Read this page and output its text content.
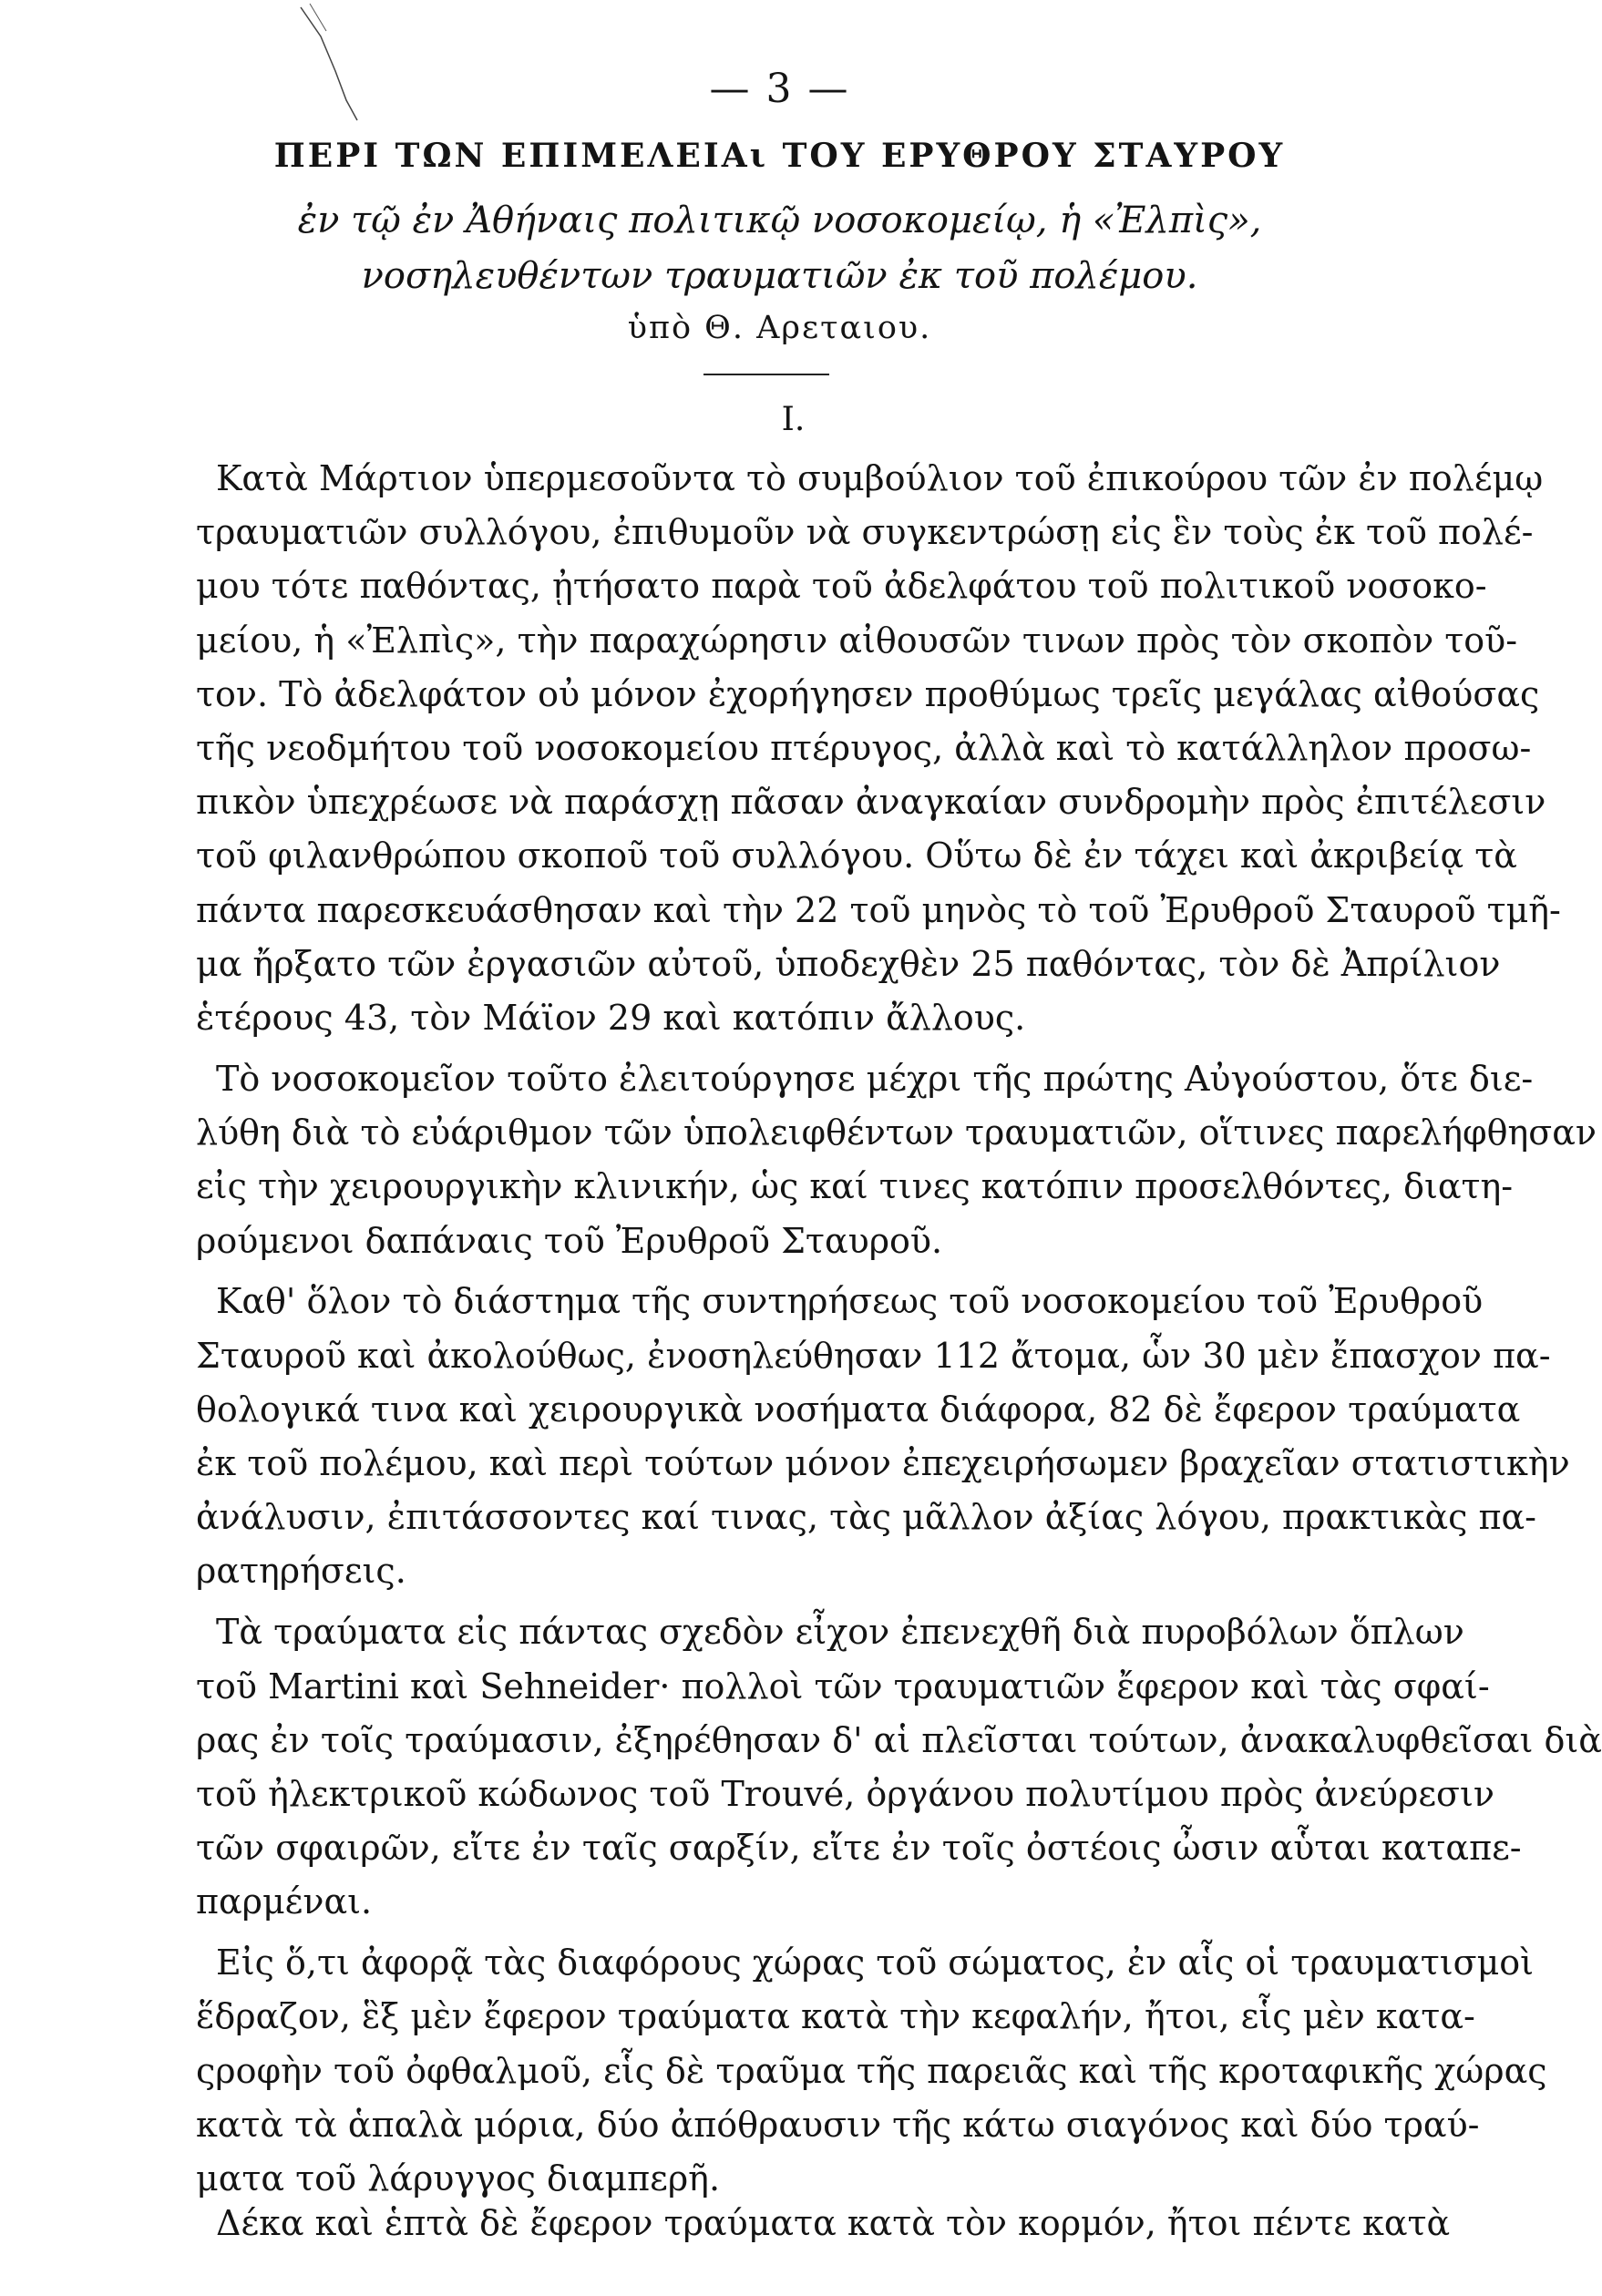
— 3 —
ΠΕΡΙ ΤΩΝ ΕΠΙΜΕΛΕΙΑι ΤΟΥ ΕΡΥΘΡΟΥ ΣΤΑΥΡΟΥ
ἐν τῷ ἐν Ἀθήναις πολιτικῷ νοσοκομείῳ, ἡ «Ἐλπὶς», νοσηλευθέντων τραυματιῶν ἐκ τοῦ πολέμου.
ὑπὸ Θ. Αρεταιου.
I.
Κατὰ Μάρτιον ὑπερμεσοῦντα τὸ συμβούλιον τοῦ ἐπικούρου τῶν ἐν πολέμῳ
τραυματιῶν συλλόγου, ἐπιθυμοῦν νὰ συγκεντρώσῃ εἰς ἓν τοὺς ἐκ τοῦ πολέ-
μου τότε παθόντας, ᾐτήσατο παρὰ τοῦ ἀδελφάτου τοῦ πολιτικοῦ νοσοκο-
μείου, ἡ «Ἐλπὶς», τὴν παραχώρησιν αἰθουσῶν τινων πρὸς τὸν σκοπὸν τοῦ-
τον. Τὸ ἀδελφάτον οὐ μόνον ἐχορήγησεν προθύμως τρεῖς μεγάλας αἰθούσας
τῆς νεοδμήτου τοῦ νοσοκομείου πτέρυγος, ἀλλὰ καὶ τὸ κατάλληλον προσω-
πικὸν ὑπεχρέωσε νὰ παράσχῃ πᾶσαν ἀναγκαίαν συνδρομὴν πρὸς ἐπιτέλεσιν
τοῦ φιλανθρώπου σκοποῦ τοῦ συλλόγου. Οὕτω δὲ ἐν τάχει καὶ ἀκριβείᾳ τὰ
πάντα παρεσκευάσθησαν καὶ τὴν 22 τοῦ μηνὸς τὸ τοῦ Ἐρυθροῦ Σταυροῦ τμῆ-
μα ἤρξατο τῶν ἐργασιῶν αὐτοῦ, ὑποδεχθὲν 25 παθόντας, τὸν δὲ Ἀπρίλιον
ἑτέρους 43, τὸν Μάϊον 29 καὶ κατόπιν ἄλλους.
Τὸ νοσοκομεῖον τοῦτο ἐλειτούργησε μέχρι τῆς πρώτης Αὐγούστου, ὅτε διε-
λύθη διὰ τὸ εὐάριθμον τῶν ὑπολειφθέντων τραυματιῶν, οἵτινες παρελήφθησαν
εἰς τὴν χειρουργικὴν κλινικήν, ὡς καί τινες κατόπιν προσελθόντες, διατη-
ρούμενοι δαπάναις τοῦ Ἐρυθροῦ Σταυροῦ.
Καθ' ὅλον τὸ διάστημα τῆς συντηρήσεως τοῦ νοσοκομείου τοῦ Ἐρυθροῦ
Σταυροῦ καὶ ἀκολούθως, ἐνοσηλεύθησαν 112 ἄτομα, ὧν 30 μὲν ἔπασχον πα-
θολογικά τινα καὶ χειρουργικὰ νοσήματα διάφορα, 82 δὲ ἔφερον τραύματα
ἐκ τοῦ πολέμου, καὶ περὶ τούτων μόνον ἐπεχειρήσωμεν βραχεῖαν στατιστικὴν
ἀνάλυσιν, ἐπιτάσσοντες καί τινας, τὰς μᾶλλον ἀξίας λόγου, πρακτικὰς πα-
ρατηρήσεις.
Τὰ τραύματα εἰς πάντας σχεδὸν εἶχον ἐπενεχθῆ διὰ πυροβόλων ὅπλων
τοῦ Martini καὶ Sehneider· πολλοὶ τῶν τραυματιῶν ἔφερον καὶ τὰς σφαί-
ρας ἐν τοῖς τραύμασιν, ἐξηρέθησαν δ' αἱ πλεῖσται τούτων, ἀνακαλυφθεῖσαι διὰ
τοῦ ἠλεκτρικοῦ κώδωνος τοῦ Trouvé, ὀργάνου πολυτίμου πρὸς ἀνεύρεσιν
τῶν σφαιρῶν, εἴτε ἐν ταῖς σαρξίν, εἴτε ἐν τοῖς ὀστέοις ὦσιν αὗται καταπε-
παρμέναι.
Εἰς ὅ,τι ἀφορᾷ τὰς διαφόρους χώρας τοῦ σώματος, ἐν αἷς οἱ τραυματισμοὶ
ἕδραζον, ἓξ μὲν ἔφερον τραύματα κατὰ τὴν κεφαλήν, ἤτοι, εἷς μὲν κατα-
ςροφὴν τοῦ ὀφθαλμοῦ, εἷς δὲ τραῦμα τῆς παρειᾶς καὶ τῆς κροταφικῆς χώρας
κατὰ τὰ ἁπαλὰ μόρια, δύο ἀπόθραυσιν τῆς κάτω σιαγόνος καὶ δύο τραύ-
ματα τοῦ λάρυγγος διαμπερῆ.
Δέκα καὶ ἑπτὰ δὲ ἔφερον τραύματα κατὰ τὸν κορμόν, ἤτοι πέντε κατὰ
